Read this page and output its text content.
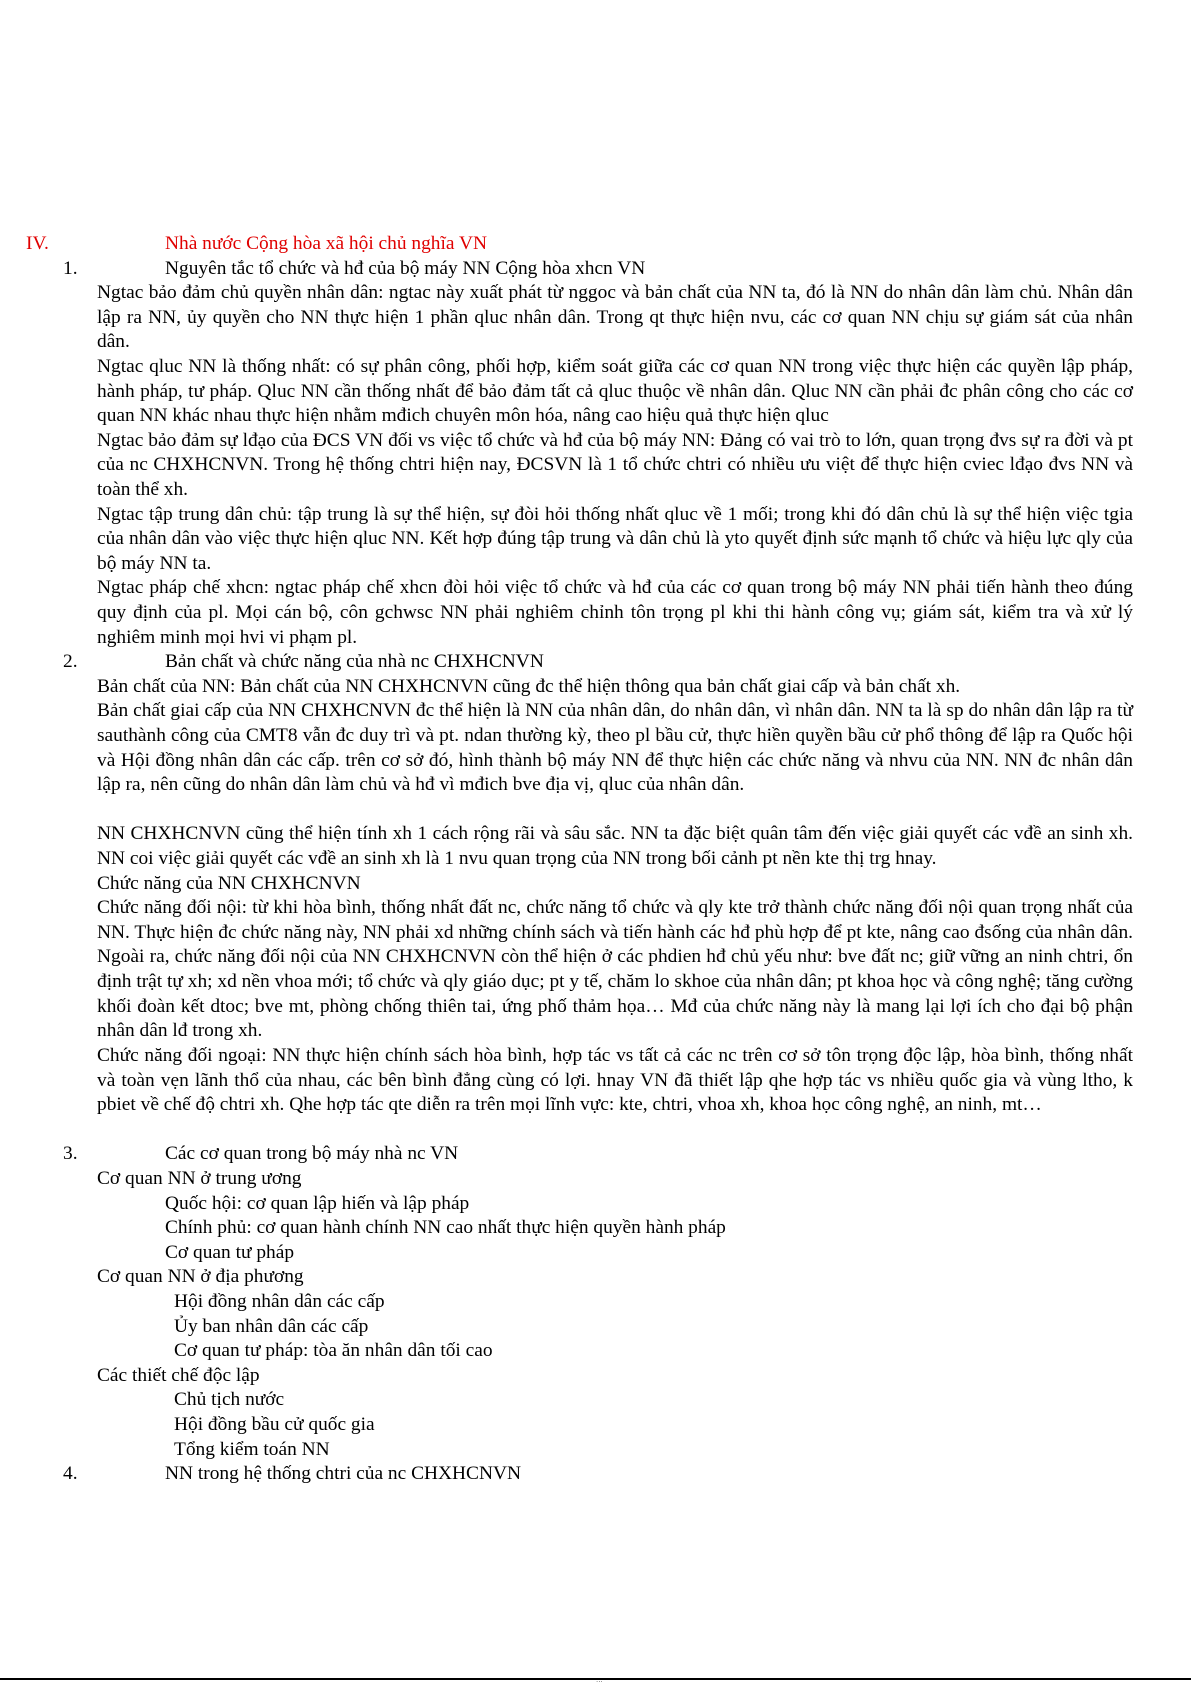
IV.	Nhà nước Cộng hòa xã hội chủ nghĩa VN
1.	Nguyên tắc tổ chức và hđ của bộ máy NN Cộng hòa xhcn VN
Ngtac bảo đảm chủ quyền nhân dân: ngtac này xuất phát từ nggoc và bản chất của NN ta, đó là NN do nhân dân làm chủ. Nhân dân lập ra NN, ủy quyền cho NN thực hiện 1 phần qluc nhân dân. Trong qt thực hiện nvu, các cơ quan NN chịu sự giám sát của nhân dân.
Ngtac qluc NN là thống nhất: có sự phân công, phối hợp, kiểm soát giữa các cơ quan NN trong việc thực hiện các quyền lập pháp, hành pháp, tư pháp. Qluc NN cần thống nhất để bảo đảm tất cả qluc thuộc về nhân dân. Qluc NN cần phải đc phân công cho các cơ quan NN khác nhau thực hiện nhằm mđich chuyên môn hóa, nâng cao hiệu quả thực hiện qluc
Ngtac bảo đảm sự lđạo của ĐCS VN đối vs việc tổ chức và hđ của bộ máy NN: Đảng có vai trò to lớn, quan trọng đvs sự ra đời và pt của nc CHXHCNVN. Trong hệ thống chtri hiện nay, ĐCSVN là 1 tổ chức chtri có nhiều ưu việt để thực hiện cviec lđạo đvs NN và toàn thể xh.
Ngtac tập trung dân chủ: tập trung là sự thể hiện, sự đòi hỏi thống nhất qluc về 1 mối; trong khi đó dân chủ là sự thể hiện việc tgia của nhân dân vào việc thực hiện qluc NN. Kết hợp đúng tập trung và dân chủ là yto quyết định sức mạnh tổ chức và hiệu lực qly của bộ máy NN ta.
Ngtac pháp chế xhcn: ngtac pháp chế xhcn đòi hỏi việc tổ chức và hđ của các cơ quan trong bộ máy NN phải tiến hành theo đúng quy định của pl. Mọi cán bộ, côn gchwsc NN phải nghiêm chỉnh tôn trọng pl khi thi hành công vụ; giám sát, kiểm tra và xử lý nghiêm minh mọi hvi vi phạm pl.
2.	Bản chất và chức năng của nhà nc CHXHCNVN
Bản chất của NN: Bản chất của NN CHXHCNVN cũng đc thể hiện thông qua bản chất giai cấp và bản chất xh.
Bản chất giai cấp của NN CHXHCNVN đc thể hiện là NN của nhân dân, do nhân dân, vì nhân dân. NN ta là sp do nhân dân lập ra từ sauthành công của CMT8 vẫn đc duy trì và pt. ndan thường kỳ, theo pl bầu cử, thực hiền quyền bầu cử phổ thông để lập ra Quốc hội và Hội đồng nhân dân các cấp. trên cơ sở đó, hình thành bộ máy NN để thực hiện các chức năng và nhvu của NN. NN đc nhân dân lập ra, nên cũng do nhân dân làm chủ và hđ vì mđich bve địa vị, qluc của nhân dân.
NN CHXHCNVN cũng thể hiện tính xh 1 cách rộng rãi và sâu sắc. NN ta đặc biệt quân tâm đến việc giải quyết các vđề an sinh xh. NN coi việc giải quyết các vđề an sinh xh là 1 nvu quan trọng của NN trong bối cảnh pt nền kte thị trg hnay.
Chức năng của NN CHXHCNVN
Chức năng đối nội: từ khi hòa bình, thống nhất đất nc, chức năng tổ chức và qly kte trở thành chức năng đối nội quan trọng nhất của NN. Thực hiện đc chức năng này, NN phải xd những chính sách và tiến hành các hđ phù hợp để pt kte, nâng cao đsống của nhân dân. Ngoài ra, chức năng đối nội của NN CHXHCNVN còn thể hiện ở các phdien hđ chủ yếu như: bve đất nc; giữ vững an ninh chtri, ổn định trật tự xh; xd nền vhoa mới; tổ chức và qly giáo dục; pt y tế, chăm lo skhoe của nhân dân; pt khoa học và công nghệ; tăng cường khối đoàn kết dtoc; bve mt, phòng chống thiên tai, ứng phố thảm họa… Mđ của chức năng này là mang lại lợi ích cho đại bộ phận nhân dân lđ trong xh.
Chức năng đối ngoại: NN thực hiện chính sách hòa bình, hợp tác vs tất cả các nc trên cơ sở tôn trọng độc lập, hòa bình, thống nhất và toàn vẹn lãnh thổ của nhau, các bên bình đẳng cùng có lợi. hnay VN đã thiết lập qhe hợp tác vs nhiều quốc gia và vùng ltho, k pbiet về chế độ chtri xh. Qhe hợp tác qte diễn ra trên mọi lĩnh vực: kte, chtri, vhoa xh, khoa học công nghệ, an ninh, mt…
3.	Các cơ quan trong bộ máy nhà nc VN
Cơ quan NN ở trung ương
Quốc hội: cơ quan lập hiến và lập pháp
Chính phủ: cơ quan hành chính NN cao nhất thực hiện quyền hành pháp
Cơ quan tư pháp
Cơ quan NN ở địa phương
Hội đồng nhân dân các cấp
Ủy ban nhân dân các cấp
Cơ quan tư pháp: tòa ăn nhân dân tối cao
Các thiết chế độc lập
Chủ tịch nước
Hội đồng bầu cử quốc gia
Tổng kiểm toán NN
4.	NN trong hệ thống chtri của nc CHXHCNVN
...
